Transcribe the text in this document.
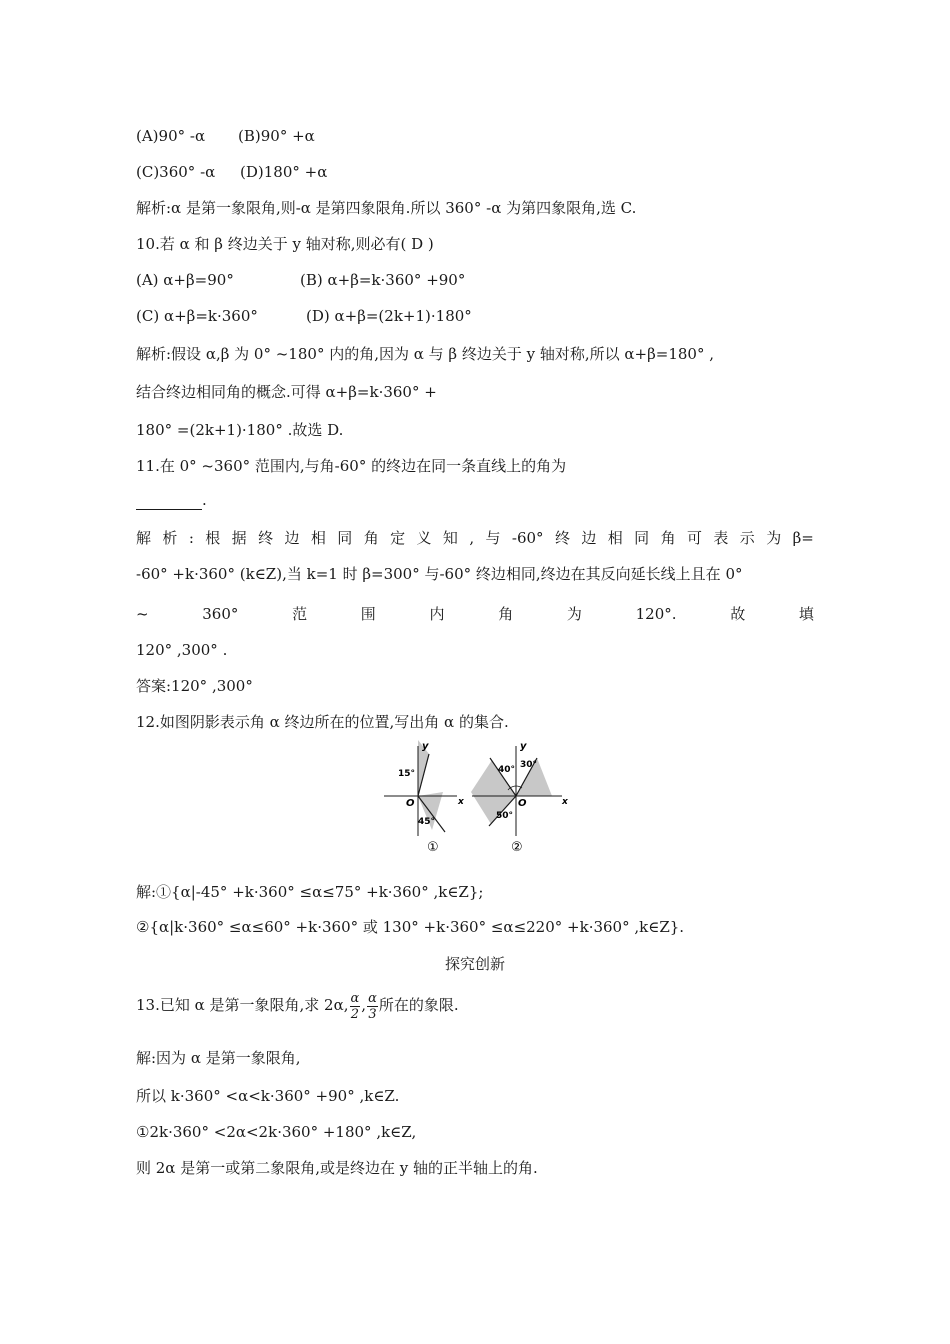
(A)90° -α (B)90° +α
(C)360° -α (D)180° +α
解析:α 是第一象限角,则-α 是第四象限角.所以 360° -α 为第四象限角,选 C.
10.若 α 和 β 终边关于 y 轴对称,则必有( D )
(A) α+β=90°	(B) α+β=k·360° +90°
(C) α+β=k·360°	(D) α+β=(2k+1)·180°
解析:假设 α,β 为 0° ~180° 内的角,因为 α 与 β 终边关于 y 轴对称,所以 α+β=180° ,
结合终边相同角的概念.可得 α+β=k·360° +
180° =(2k+1)·180° .故选 D.
11.在 0° ~360° 范围内,与角-60° 的终边在同一条直线上的角为
.
解 析 : 根 据 终 边 相 同 角 定 义 知 , 与 -60° 终 边 相 同 角 可 表 示 为 β=
-60° +k·360° (k∈Z),当 k=1 时 β=300° 与-60° 终边相同,终边在其反向延长线上且在 0°
~	360°	范	围	内	角	为	120°.	故	填
120° ,300° .
答案:120° ,300°
12.如图阴影表示角 α 终边所在的位置,写出角 α 的集合.
y
x
O
15°
45°
①
y
x
O
40° 30°
50°
②
解:①{α|-45° +k·360° ≤α≤75° +k·360° ,k∈Z};
②{α|k·360° ≤α≤60° +k·360° 或 130° +k·360° ≤α≤220° +k·360° ,k∈Z}.
探究创新
13.已知 α 是第一象限角,求 2α, $\frac{\alpha}{2}$ , $\frac{\alpha}{3}$ 所在的象限.
解:因为 α 是第一象限角,
所以 k·360° <α<k·360° +90° ,k∈Z.
①2k·360° <2α<2k·360° +180° ,k∈Z,
则 2α 是第一或第二象限角,或是终边在 y 轴的正半轴上的角.
